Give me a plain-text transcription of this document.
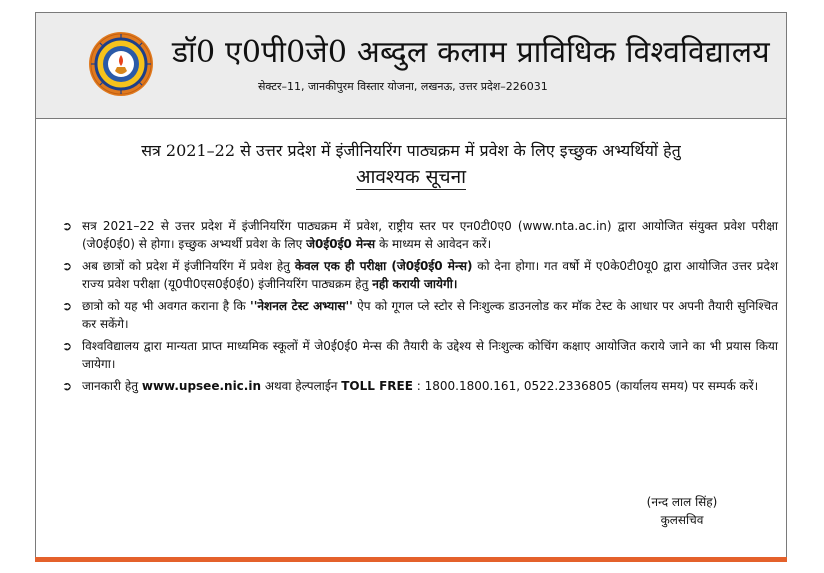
डॉ0 ए0पी0जे0 अब्दुल कलाम प्राविधिक विश्वविद्यालय
सेक्टर–11, जानकीपुरम विस्तार योजना, लखनऊ, उत्तर प्रदेश–226031
सत्र 2021–22 से उत्तर प्रदेश में इंजीनियरिंग पाठ्यक्रम में प्रवेश के लिए इच्छुक अभ्यर्थियों हेतु
आवश्यक सूचना
➲ सत्र 2021–22 से उत्तर प्रदेश में इंजीनियरिंग पाठ्यक्रम में प्रवेश, राष्ट्रीय स्तर पर एन0टी0ए0 (www.nta.ac.in) द्वारा आयोजित संयुक्त प्रवेश परीक्षा (जे0ई0ई0) से होगा। इच्छुक अभ्यर्थी प्रवेश के लिए जे0ई0ई0 मेन्स के माध्यम से आवेदन करें।
➲ अब छात्रों को प्रदेश में इंजीनियरिंग में प्रवेश हेतु केवल एक ही परीक्षा (जे0ई0ई0 मेन्स) को देना होगा। गत वर्षो में ए0के0टी0यू0 द्वारा आयोजित उत्तर प्रदेश राज्य प्रवेश परीक्षा (यू0पी0एस0ई0ई0) इंजीनियरिंग पाठ्यक्रम हेतु नही करायी जायेगी।
➲ छात्रो को यह भी अवगत कराना है कि ''नेशनल टेस्ट अभ्यास'' ऐप को गूगल प्ले स्टोर से निःशुल्क डाउनलोड कर मॉक टेस्ट के आधार पर अपनी तैयारी सुनिश्चित कर सकेंगे।
➲ विश्वविद्यालय द्वारा मान्यता प्राप्त माध्यमिक स्कूलों में जे0ई0ई0 मेन्स की तैयारी के उद्देश्य से निःशुल्क कोचिंग कक्षाए आयोजित कराये जाने का भी प्रयास किया जायेगा।
➲ जानकारी हेतु www.upsee.nic.in अथवा हेल्पलाईन TOLL FREE : 1800.1800.161, 0522.2336805 (कार्यालय समय) पर सम्पर्क करें।
(नन्द लाल सिंह)
कुलसचिव
